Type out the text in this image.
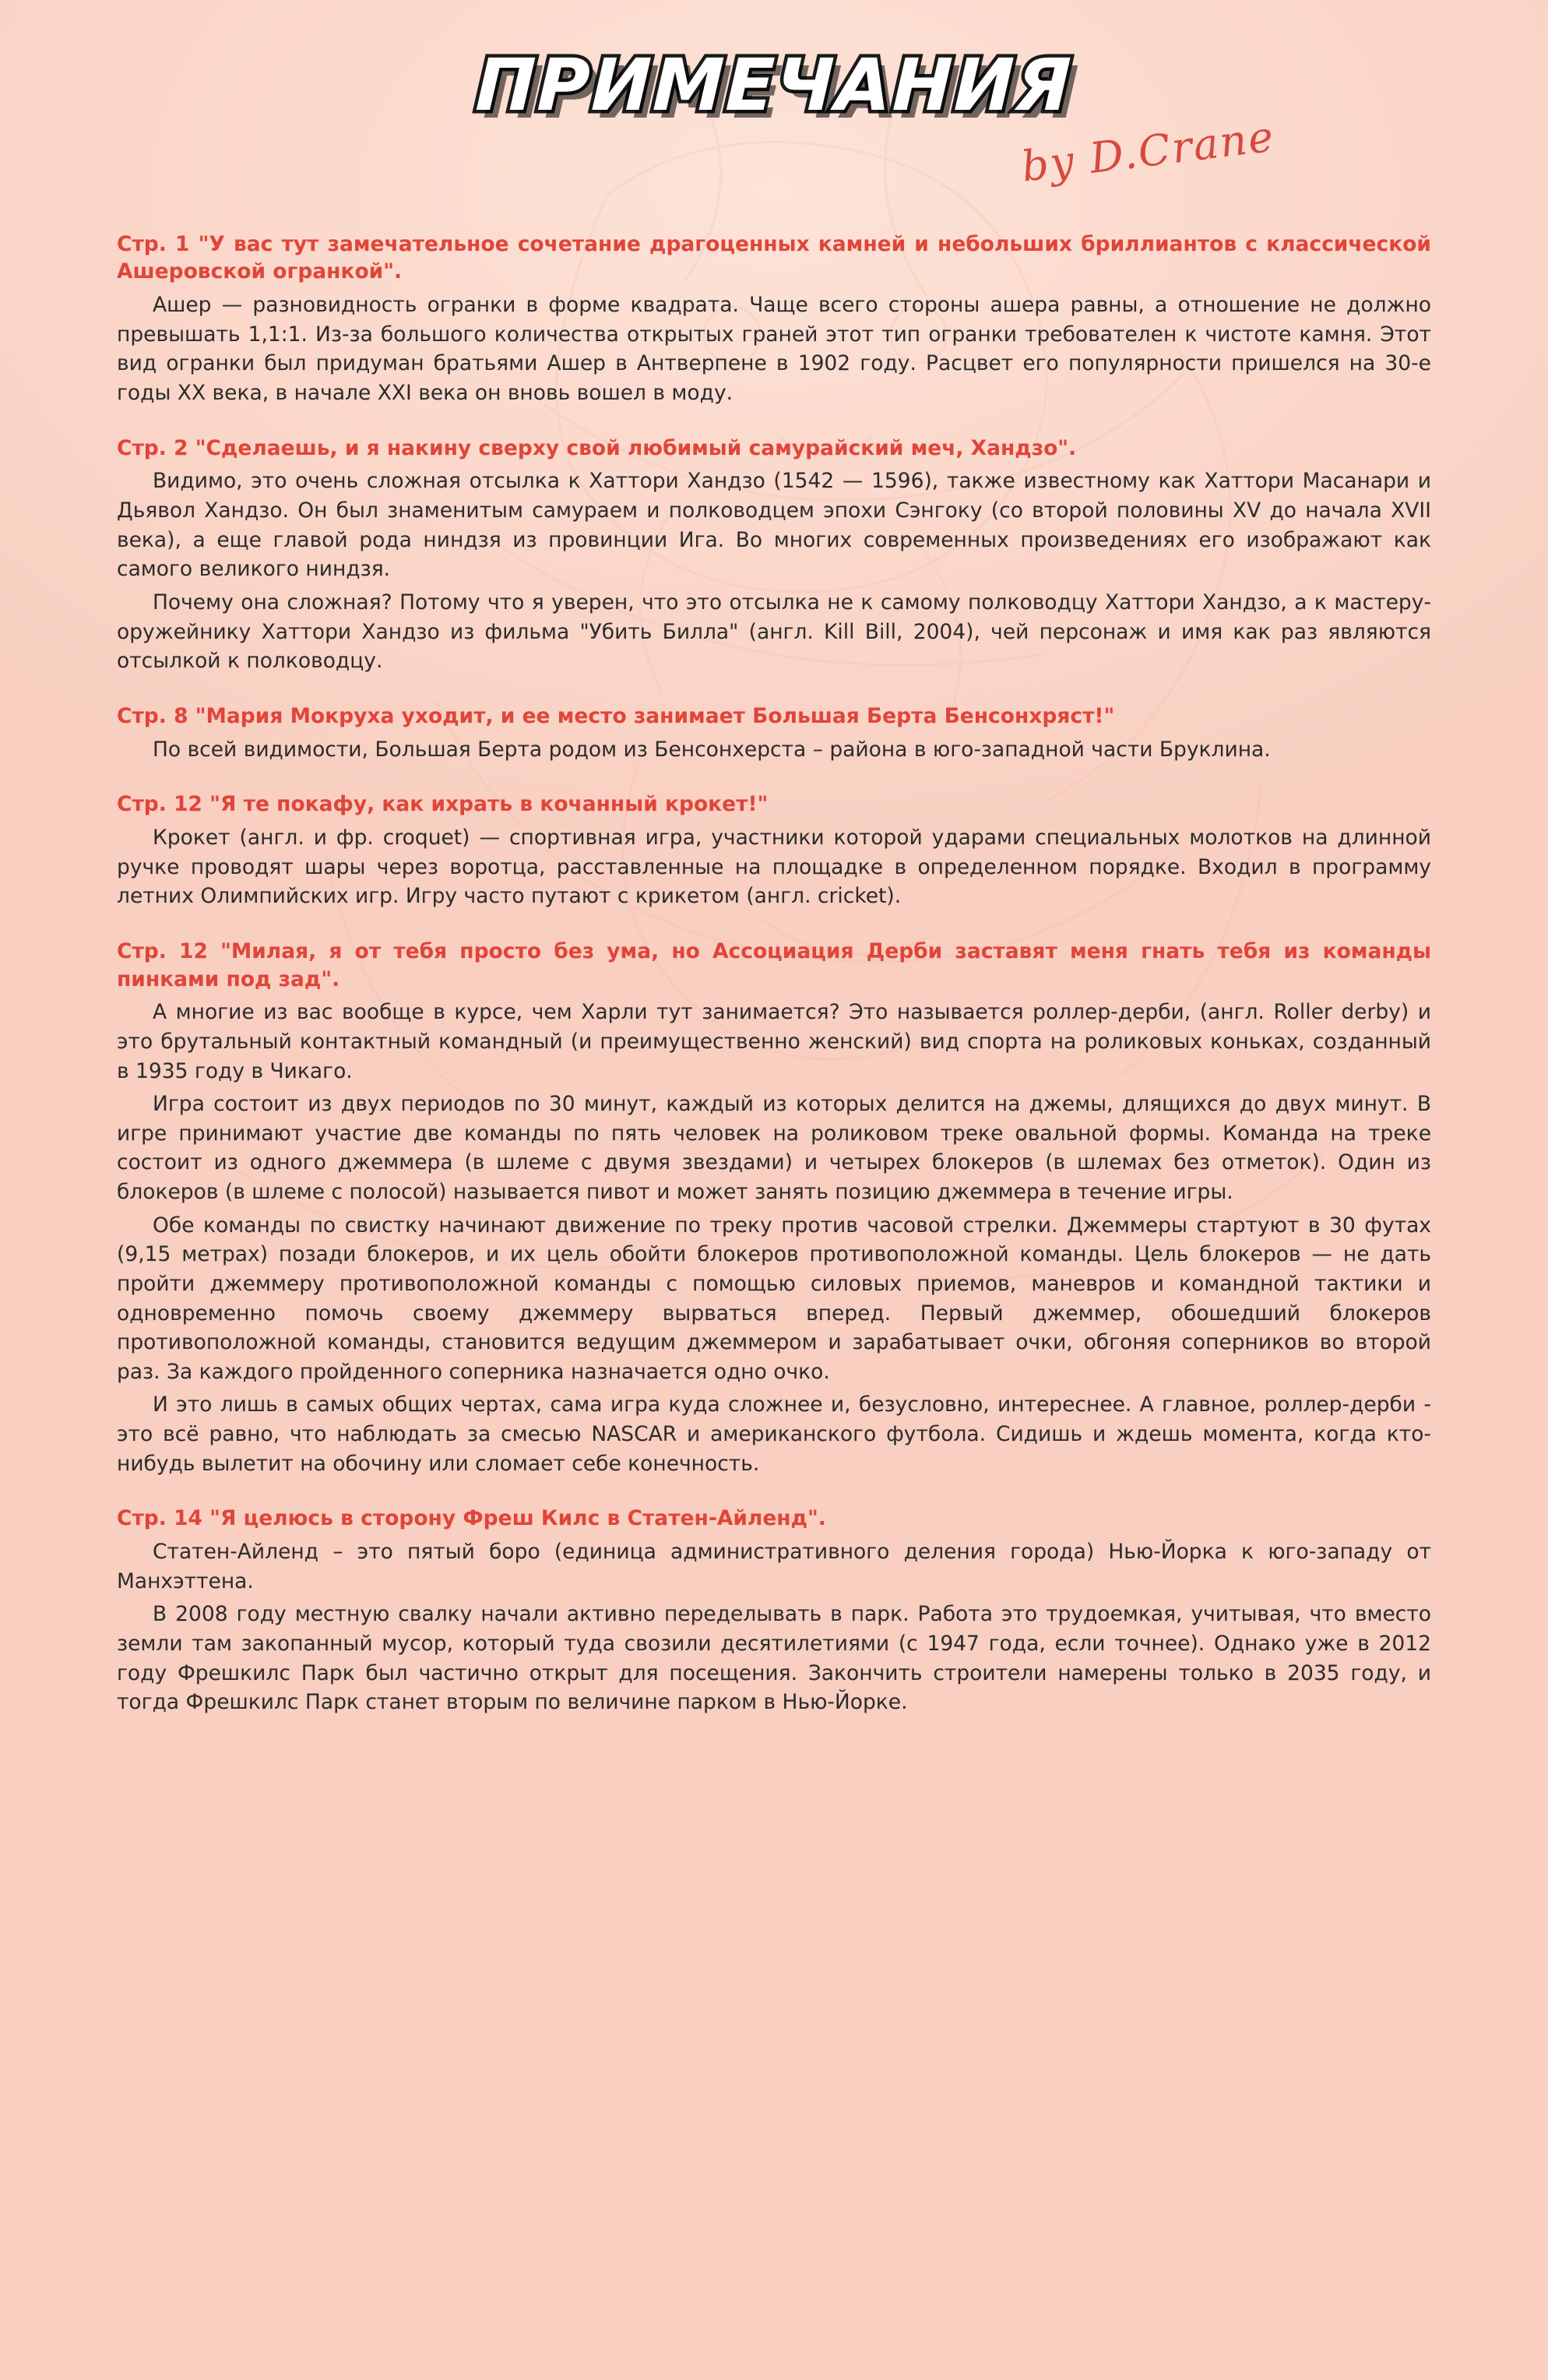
ПРИМЕЧАНИЯ
by D.Crane

Стр. 1 "У вас тут замечательное сочетание драгоценных камней и небольших бриллиантов с классической Ашеровской огранкой".

Ашер — разновидность огранки в форме квадрата. Чаще всего стороны ашера равны, а отношение не должно превышать 1,1:1. Из-за большого количества открытых граней этот тип огранки требователен к чистоте камня. Этот вид огранки был придуман братьями Ашер в Антверпене в 1902 году. Расцвет его популярности пришелся на 30-е годы XX века, в начале XXI века он вновь вошел в моду.

Стр. 2 "Сделаешь, и я накину сверху свой любимый самурайский меч, Хандзо".

Видимо, это очень сложная отсылка к Хаттори Хандзо (1542 — 1596), также известному как Хаттори Масанари и Дьявол Хандзо. Он был знаменитым самураем и полководцем эпохи Сэнгоку (со второй половины XV до начала XVII века), а еще главой рода ниндзя из провинции Ига. Во многих современных произведениях его изображают как самого великого ниндзя.

Почему она сложная? Потому что я уверен, что это отсылка не к самому полководцу Хаттори Хандзо, а к мастеру-оружейнику Хаттори Хандзо из фильма "Убить Билла" (англ. Kill Bill, 2004), чей персонаж и имя как раз являются отсылкой к полководцу.

Стр. 8 "Мария Мокруха уходит, и ее место занимает Большая Берта Бенсонхряст!"

По всей видимости, Большая Берта родом из Бенсонхерста – района в юго-западной части Бруклина.

Стр. 12 "Я те покафу, как ихрать в кочанный крокет!"

Крокет (англ. и фр. croquet) — спортивная игра, участники которой ударами специальных молотков на длинной ручке проводят шары через воротца, расставленные на площадке в определенном порядке. Входил в программу летних Олимпийских игр. Игру часто путают с крикетом (англ. cricket).

Стр. 12 "Милая, я от тебя просто без ума, но Ассоциация Дерби заставят меня гнать тебя из команды пинками под зад".

А многие из вас вообще в курсе, чем Харли тут занимается? Это называется роллер-дерби, (англ. Roller derby) и это брутальный контактный командный (и преимущественно женский) вид спорта на роликовых коньках, созданный в 1935 году в Чикаго.

Игра состоит из двух периодов по 30 минут, каждый из которых делится на джемы, длящихся до двух минут. В игре принимают участие две команды по пять человек на роликовом треке овальной формы. Команда на треке состоит из одного джеммера (в шлеме с двумя звездами) и четырех блокеров (в шлемах без отметок). Один из блокеров (в шлеме с полосой) называется пивот и может занять позицию джеммера в течение игры.

Обе команды по свистку начинают движение по треку против часовой стрелки. Джеммеры стартуют в 30 футах (9,15 метрах) позади блокеров, и их цель обойти блокеров противоположной команды. Цель блокеров — не дать пройти джеммеру противоположной команды с помощью силовых приемов, маневров и командной тактики и одновременно помочь своему джеммеру вырваться вперед. Первый джеммер, обошедший блокеров противоположной команды, становится ведущим джеммером и зарабатывает очки, обгоняя соперников во второй раз. За каждого пройденного соперника назначается одно очко.

И это лишь в самых общих чертах, сама игра куда сложнее и, безусловно, интереснее. А главное, роллер-дерби - это всё равно, что наблюдать за смесью NASCAR и американского футбола. Сидишь и ждешь момента, когда кто-нибудь вылетит на обочину или сломает себе конечность.

Стр. 14 "Я целюсь в сторону Фреш Килс в Статен-Айленд".

Статен-Айленд – это пятый боро (единица административного деления города) Нью-Йорка к юго-западу от Манхэттена.

В 2008 году местную свалку начали активно переделывать в парк. Работа это трудоемкая, учитывая, что вместо земли там закопанный мусор, который туда свозили десятилетиями (с 1947 года, если точнее). Однако уже в 2012 году Фрешкилс Парк был частично открыт для посещения. Закончить строители намерены только в 2035 году, и тогда Фрешкилс Парк станет вторым по величине парком в Нью-Йорке.
